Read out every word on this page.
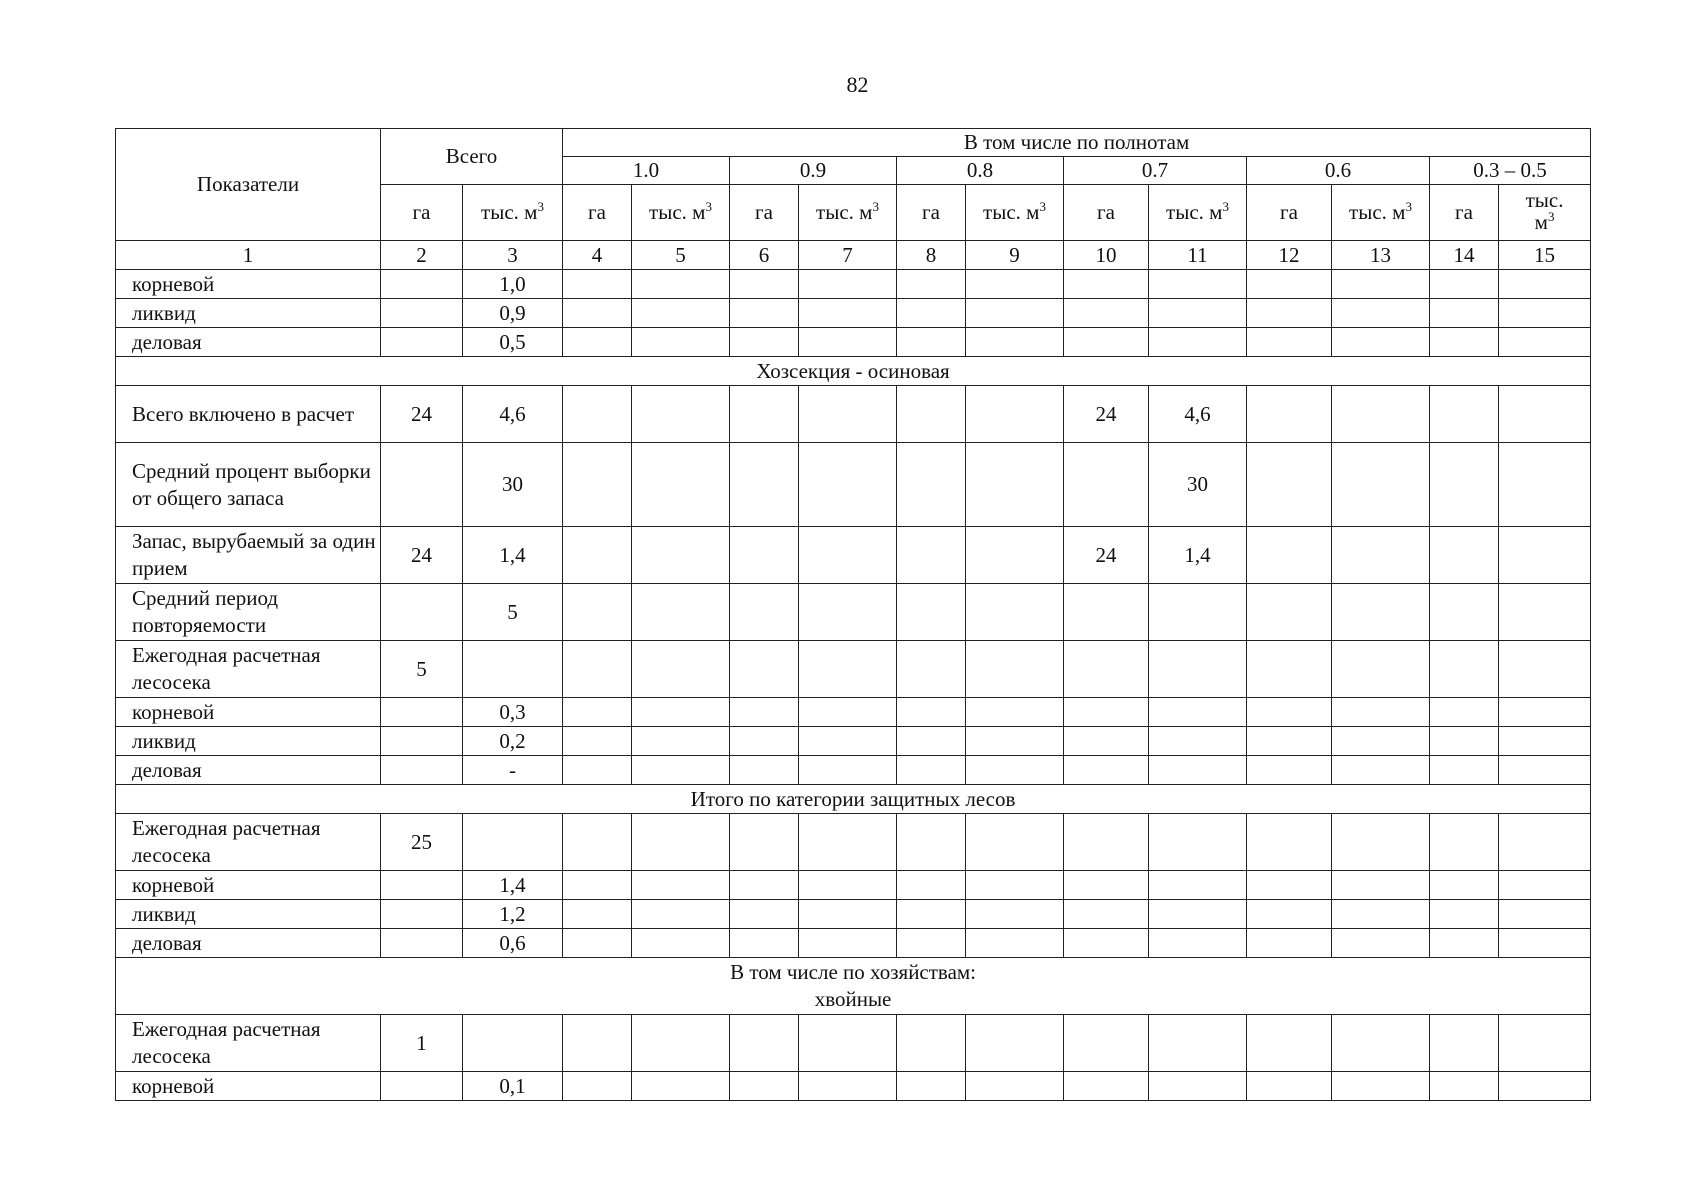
82
Показатели	Всего		В том числе по полнотам											
			1.0		0.9		0.8		0.7		0.6		0.3 – 0.5	
	га	тыс. $м^3$	га	тыс. $м^3$	га	тыс. $м^3$	га	тыс. $м^3$	га	тыс. $м^3$	га	тыс. $м^3$	га	тыс.
$м^3$
1	2	3	4	5	6	7	8	9	10	11	12	13	14	15
корневой		1,0												
ликвид		0,9												
деловая		0,5												
Хозсекция - осиновая														
Всего включено в расчет	24	4,6							24	4,6				
Средний процент выборки от общего запаса		30								30				
Запас, вырубаемый за один прием	24	1,4							24	1,4				
Средний период повторяемости		5												
Ежегодная расчетная лесосека	5													
корневой		0,3												
ликвид		0,2												
деловая		-												
Итого по категории защитных лесов														
Ежегодная расчетная лесосека	25													
корневой		1,4												
ликвид		1,2												
деловая		0,6												
В том числе по хозяйствам:
хвойные														
Ежегодная расчетная лесосека	1													
корневой		0,1												
